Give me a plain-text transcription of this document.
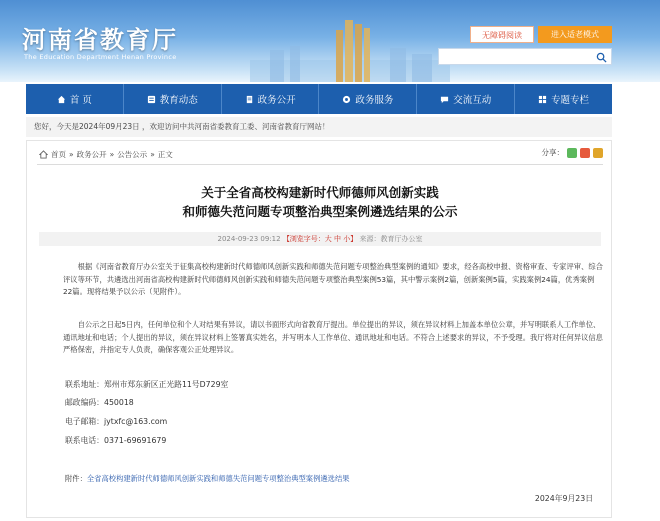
河南省教育厅
The Education Department Henan Province
无障碍阅读	进入适老模式
首 页	教育动态	政务公开	政务服务	交流互动	专题专栏
您好，今天是2024年09月23日 ，欢迎访问中共河南省委教育工委、河南省教育厅网站！
首页 » 政务公开 » 公告公示 » 正文	分享：
关于全省高校构建新时代师德师风创新实践
和师德失范问题专项整治典型案例遴选结果的公示
2024-09-23 09:12 【浏览字号：大 中 小】 来源：教育厅办公室
根据《河南省教育厅办公室关于征集高校构建新时代师德师风创新实践和师德失范问题专项整治典型案例的通知》要求，经各高校申报、资格审查、专家评审、综合评议等环节，共遴选出河南省高校构建新时代师德师风创新实践和师德失范问题专项整治典型案例53篇，其中警示案例2篇，创新案例5篇，实践案例24篇，优秀案例22篇。现将结果予以公示（见附件）。
自公示之日起5日内，任何单位和个人对结果有异议，请以书面形式向省教育厅提出。单位提出的异议，须在异议材料上加盖本单位公章，并写明联系人工作单位、通讯地址和电话；个人提出的异议，须在异议材料上签署真实姓名，并写明本人工作单位、通讯地址和电话。不符合上述要求的异议，不予受理。我厅将对任何异议信息严格保密，并指定专人负责，确保客观公正处理异议。
联系地址：郑州市郑东新区正光路11号D729室
邮政编码：450018
电子邮箱：jytxfc@163.com
联系电话：0371-69691679
附件：全省高校构建新时代师德师风创新实践和师德失范问题专项整治典型案例遴选结果
2024年9月23日
